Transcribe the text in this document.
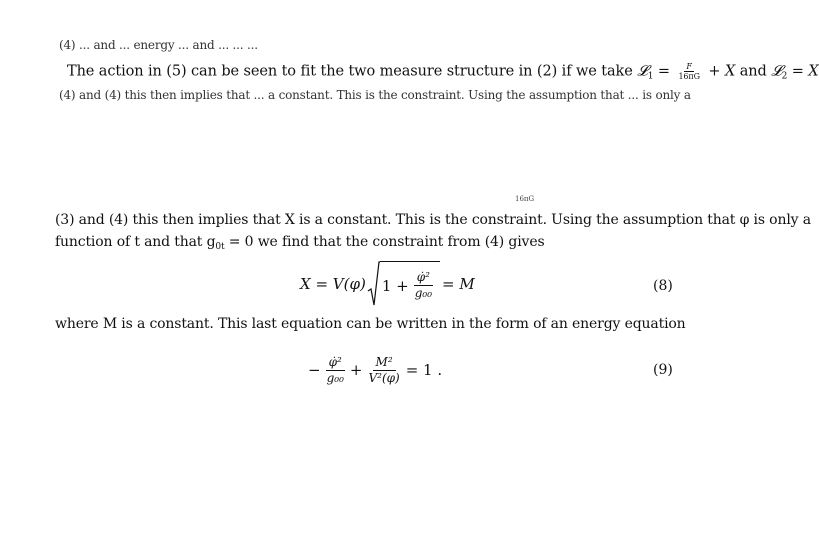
(4) ... and ... energy ... and ... ... ...
The action in (5) can be seen to fit the two measure structure in (2) if we take 𝓛$_1$ = $\frac{F}{16\pi G} + X$ and 𝓛$_2$ = X
(4) and (4) this then implies that ... a constant. This is the constraint. Using the assumption that ... is only a
16πG
(3) and (4) this then implies that X is a constant. This is the constraint. Using the assumption that φ is only a
function of t and that $g_{0t} = 0$ we find that the constraint from (4) gives
X = V(φ) $1 + \frac{\text{φ̇²}}{\text{g₀₀}} = M$	(8)
where M is a constant. This last equation can be written in the form of an energy equation
− $\frac{\text{φ̇²}}{\text{g₀₀}} + \frac{\text{M²}}{\text{V²(φ)}} = 1$ .	(9)
